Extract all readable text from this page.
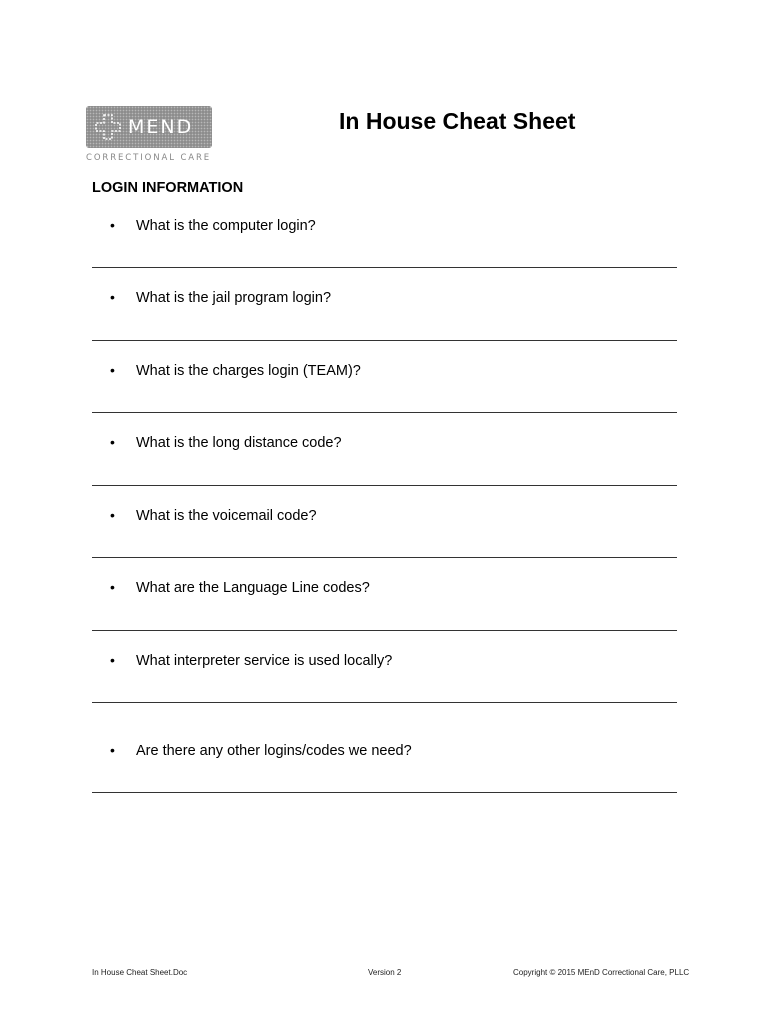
MEND
CORRECTIONAL CARE
In House Cheat Sheet
LOGIN INFORMATION
• What is the computer login?
• What is the jail program login?
• What is the charges login (TEAM)?
• What is the long distance code?
• What is the voicemail code?
• What are the Language Line codes?
• What interpreter service is used locally?
• Are there any other logins/codes we need?
In House Cheat Sheet.Doc	Version 2	Copyright © 2015 MEnD Correctional Care, PLLC
